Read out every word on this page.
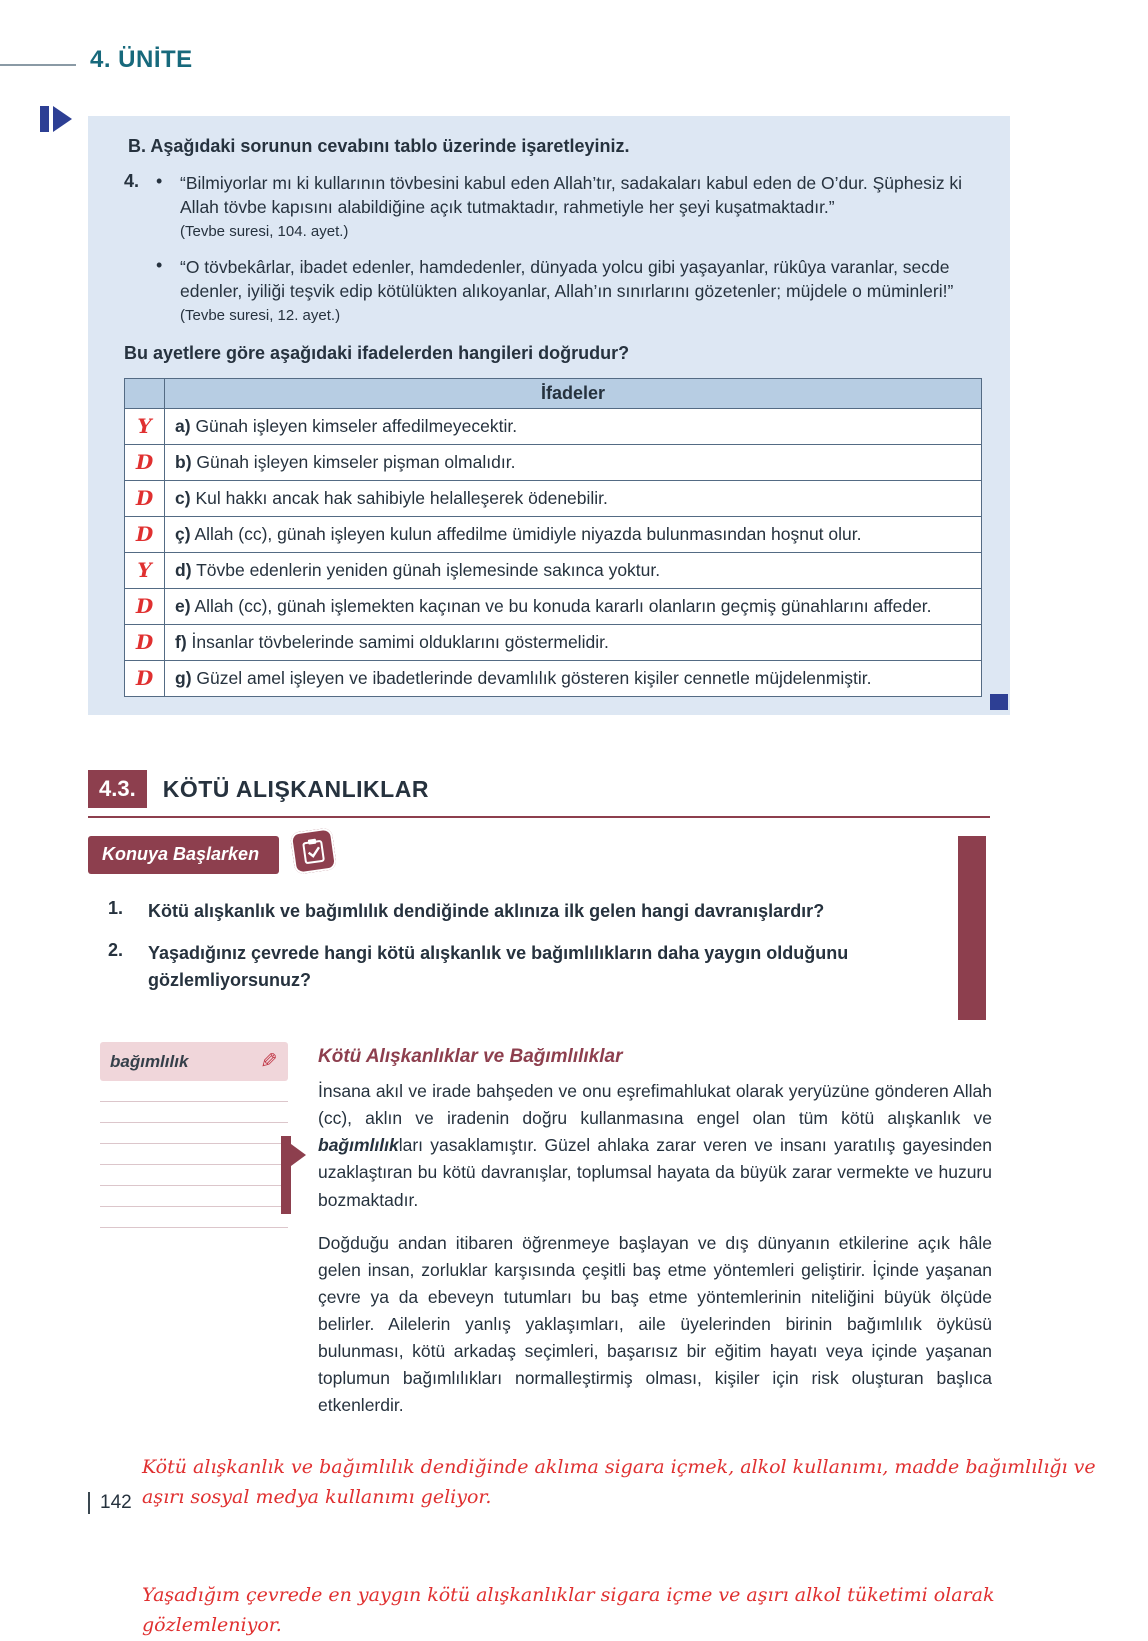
4. ÜNİTE

B. Aşağıdaki sorunun cevabını tablo üzerinde işaretleyiniz.

4. •	“Bilmiyorlar mı ki kullarının tövbesini kabul eden Allah’tır, sadakaları kabul eden de O’dur. Şüphesiz ki Allah tövbe kapısını alabildiğine açık tutmaktadır, rahmetiyle her şeyi kuşatmaktadır.”
(Tevbe suresi, 104. ayet.)
•	“O tövbekârlar, ibadet edenler, hamdedenler, dünyada yolcu gibi yaşayanlar, rükûya varanlar, secde edenler, iyiliği teşvik edip kötülükten alıkoyanlar, Allah’ın sınırlarını gözetenler; müjdele o müminleri!”
(Tevbe suresi, 12. ayet.)

Bu ayetlere göre aşağıdaki ifadelerden hangileri doğrudur?

	İfadeler
Y	a) Günah işleyen kimseler affedilmeyecektir.
D	b) Günah işleyen kimseler pişman olmalıdır.
D	c) Kul hakkı ancak hak sahibiyle helalleşerek ödenebilir.
D	ç) Allah (cc), günah işleyen kulun affedilme ümidiyle niyazda bulunmasından hoşnut olur.
Y	d) Tövbe edenlerin yeniden günah işlemesinde sakınca yoktur.
D	e) Allah (cc), günah işlemekten kaçınan ve bu konuda kararlı olanların geçmiş günahlarını affeder.
D	f) İnsanlar tövbelerinde samimi olduklarını göstermelidir.
D	g) Güzel amel işleyen ve ibadetlerinde devamlılık gösteren kişiler cennetle müjdelenmiştir.
4.3.	KÖTÜ ALIŞKANLIKLAR
Konuya Başlarken
1.	Kötü alışkanlık ve bağımlılık dendiğinde aklınıza ilk gelen hangi davranışlardır?
2.	Yaşadığınız çevrede hangi kötü alışkanlık ve bağımlılıkların daha yaygın olduğunu gözlemliyorsunuz?
bağımlılık	✎ Kötü Alışkanlıklar ve Bağımlılıklar

İnsana akıl ve irade bahşeden ve onu eşrefimahlukat olarak yeryüzüne gönderen Allah (cc), aklın ve iradenin doğru kullanmasına engel olan tüm kötü alışkanlık ve bağımlılıkları yasaklamıştır. Güzel ahlaka zarar veren ve insanı yaratılış gayesinden uzaklaştıran bu kötü davranışlar, toplumsal hayata da büyük zarar vermekte ve huzuru bozmaktadır.

Doğduğu andan itibaren öğrenmeye başlayan ve dış dünyanın etkilerine açık hâle gelen insan, zorluklar karşısında çeşitli baş etme yöntemleri geliştirir. İçinde yaşanan çevre ya da ebeveyn tutumları bu baş etme yöntemlerinin niteliğini büyük ölçüde belirler. Ailelerin yanlış yaklaşımları, aile üyelerinden birinin bağımlılık öyküsü bulunması, kötü arkadaş seçimleri, başarısız bir eğitim hayatı veya içinde yaşanan toplumun bağımlılıkları normalleştirmiş olması, kişiler için risk oluşturan başlıca etkenlerdir.

Kötü alışkanlık ve bağımlılık dendiğinde aklıma sigara içmek, alkol kullanımı, madde bağımlılığı ve aşırı sosyal medya kullanımı geliyor.
Yaşadığım çevrede en yaygın kötü alışkanlıklar sigara içme ve aşırı alkol tüketimi olarak gözlemleniyor.
142
